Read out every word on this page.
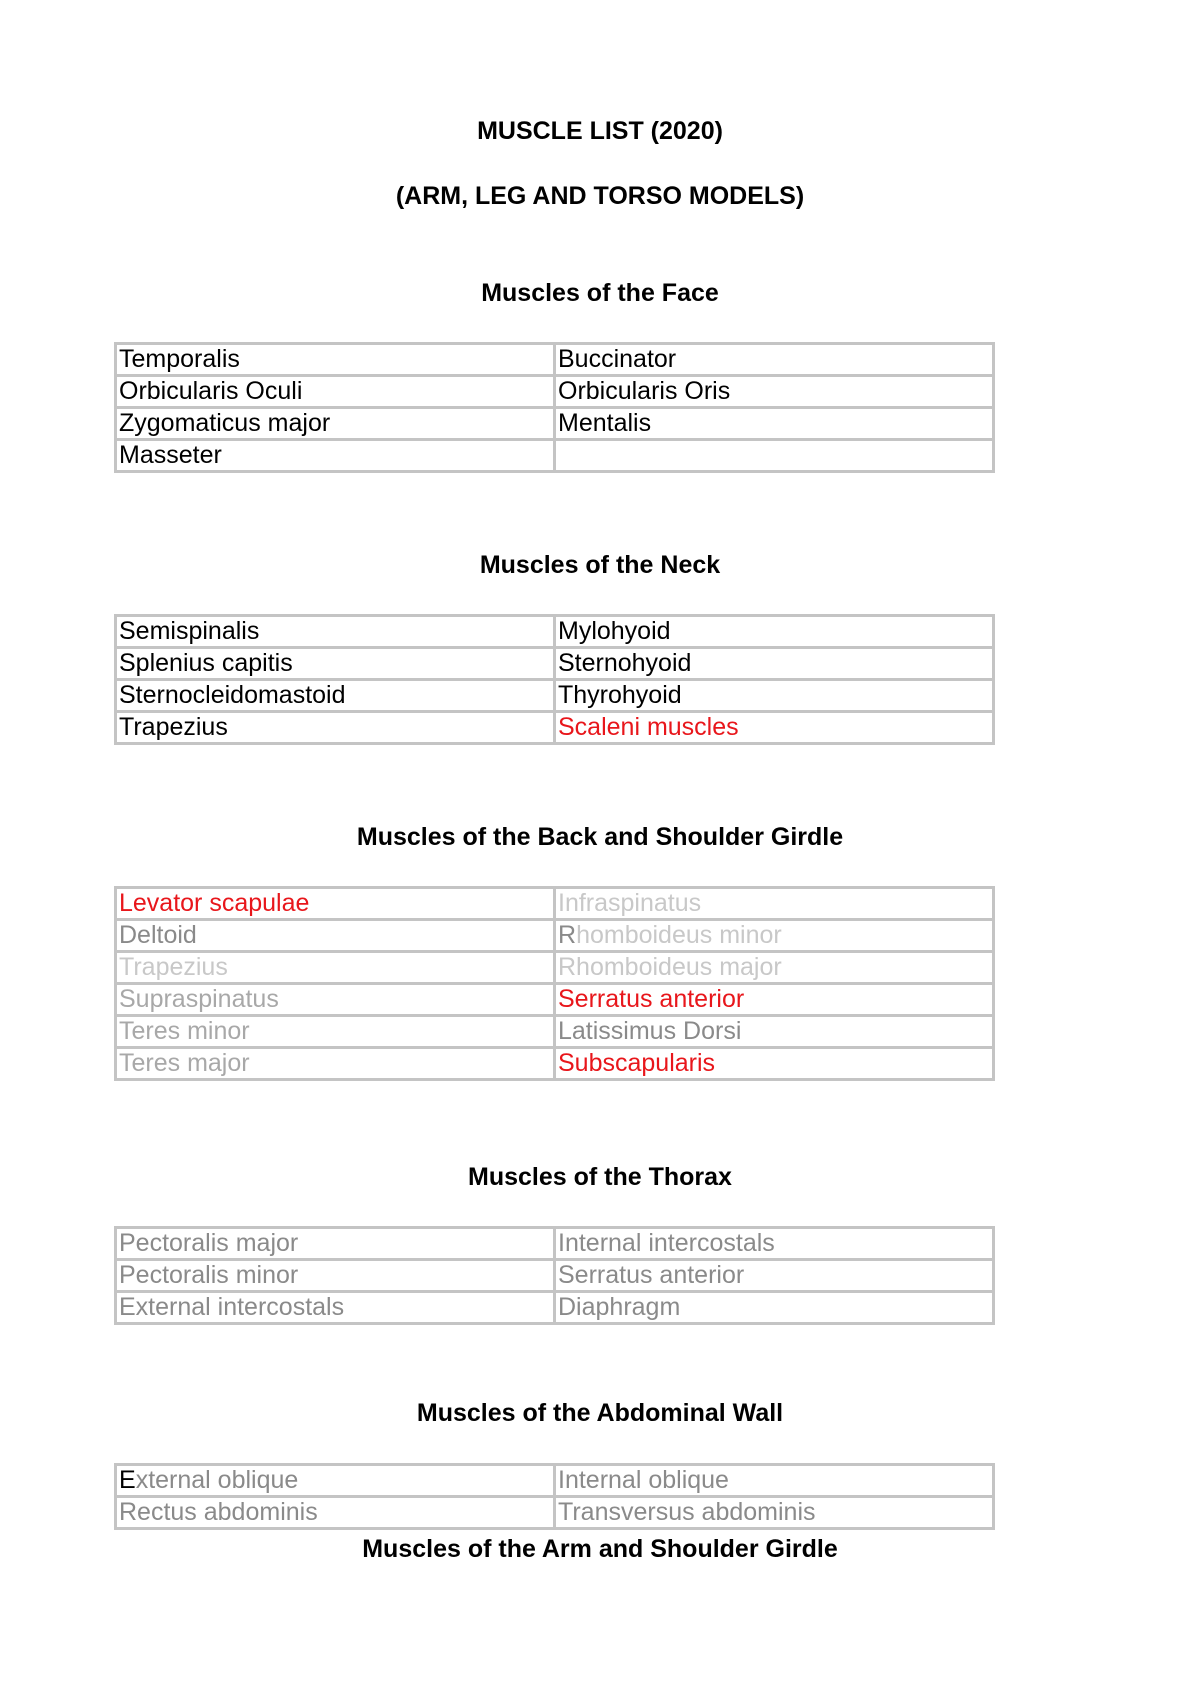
MUSCLE LIST (2020)
(ARM, LEG AND TORSO MODELS)
Muscles of the Face
Temporalis	Buccinator
Orbicularis Oculi	Orbicularis Oris
Zygomaticus major	Mentalis
Masseter	
Muscles of the Neck
Semispinalis	Mylohyoid
Splenius capitis	Sternohyoid
Sternocleidomastoid	Thyrohyoid
Trapezius	Scaleni muscles
Muscles of the Back and Shoulder Girdle
Levator scapulae	Infraspinatus
Deltoid	Rhomboideus minor
Trapezius	Rhomboideus major
Supraspinatus	Serratus anterior
Teres minor	Latissimus Dorsi
Teres major	Subscapularis
Muscles of the Thorax
Pectoralis major	Internal intercostals
Pectoralis minor	Serratus anterior
External intercostals	Diaphragm
Muscles of the Abdominal Wall
External oblique	Internal oblique
Rectus abdominis	Transversus abdominis
Muscles of the Arm and Shoulder Girdle
